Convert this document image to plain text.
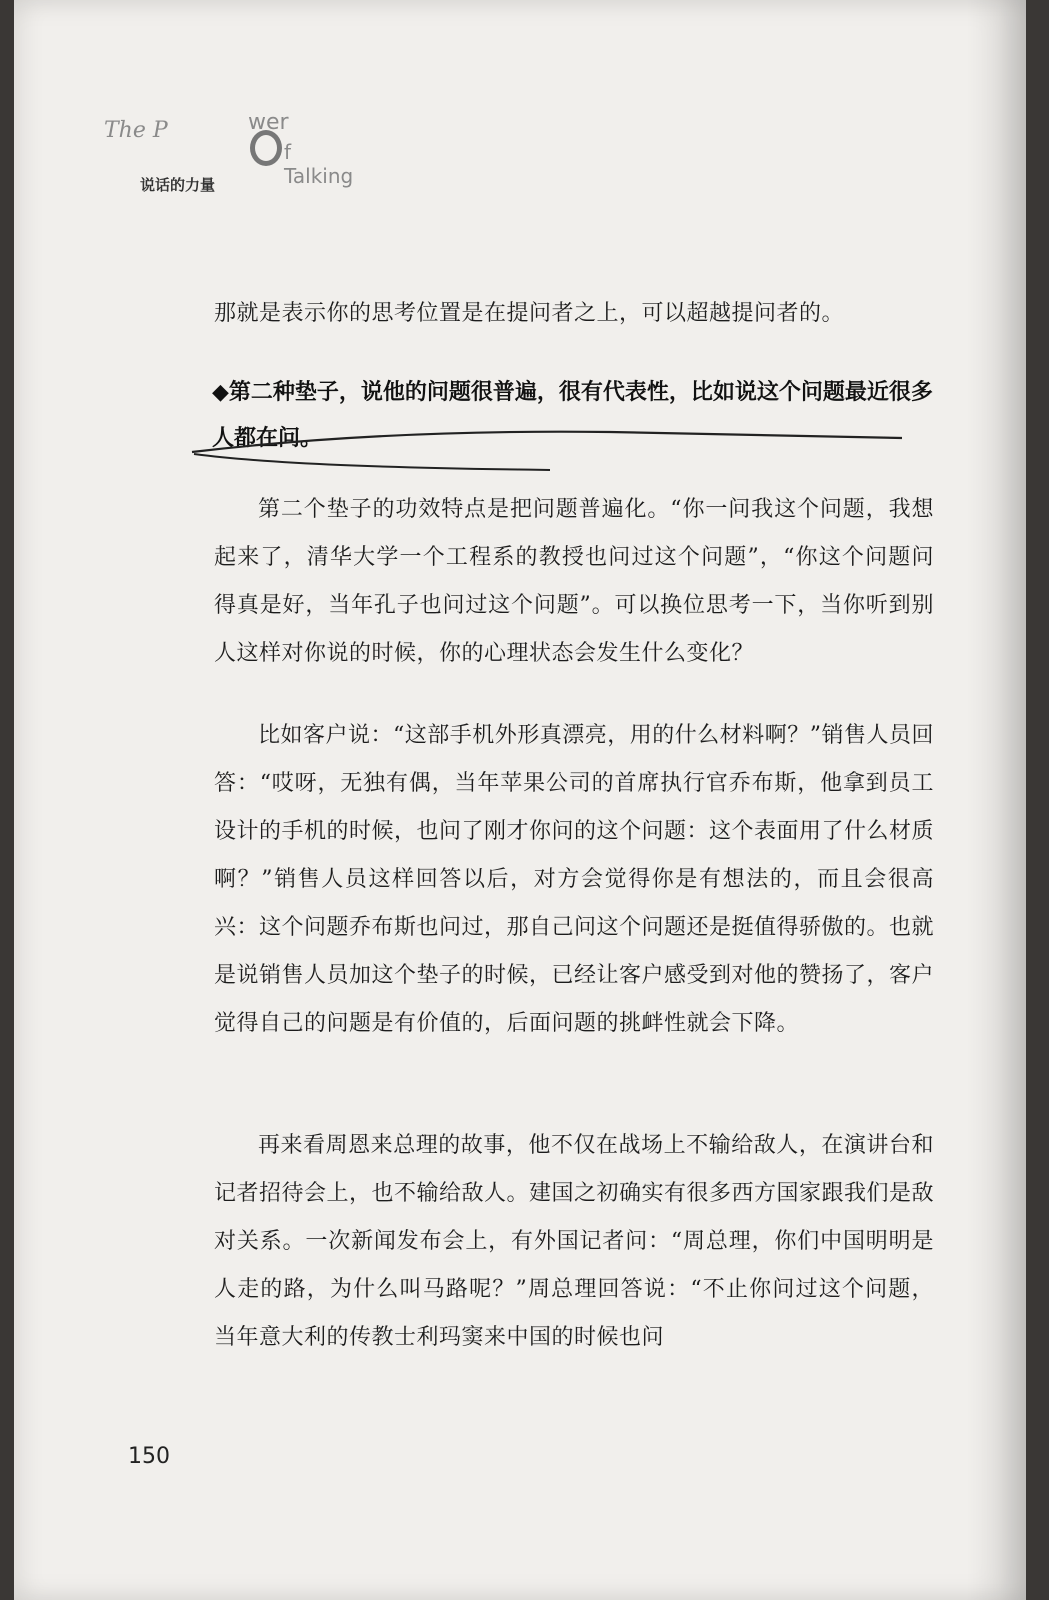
The P	wer
f Talking
说话的力量
那就是表示你的思考位置是在提问者之上，可以超越提问者的。
◆第二种垫子，说他的问题很普遍，很有代表性，比如说这个问题最近很多人都在问。
第二个垫子的功效特点是把问题普遍化。“你一问我这个问题，我想起来了，清华大学一个工程系的教授也问过这个问题”，“你这个问题问得真是好，当年孔子也问过这个问题”。可以换位思考一下，当你听到别人这样对你说的时候，你的心理状态会发生什么变化？
比如客户说：“这部手机外形真漂亮，用的什么材料啊？”销售人员回答：“哎呀，无独有偶，当年苹果公司的首席执行官乔布斯，他拿到员工设计的手机的时候，也问了刚才你问的这个问题：这个表面用了什么材质啊？”销售人员这样回答以后，对方会觉得你是有想法的，而且会很高兴：这个问题乔布斯也问过，那自己问这个问题还是挺值得骄傲的。也就是说销售人员加这个垫子的时候，已经让客户感受到对他的赞扬了，客户觉得自己的问题是有价值的，后面问题的挑衅性就会下降。
再来看周恩来总理的故事，他不仅在战场上不输给敌人，在演讲台和记者招待会上，也不输给敌人。建国之初确实有很多西方国家跟我们是敌对关系。一次新闻发布会上，有外国记者问：“周总理，你们中国明明是人走的路，为什么叫马路呢？”周总理回答说：“不止你问过这个问题，当年意大利的传教士利玛窦来中国的时候也问
150
